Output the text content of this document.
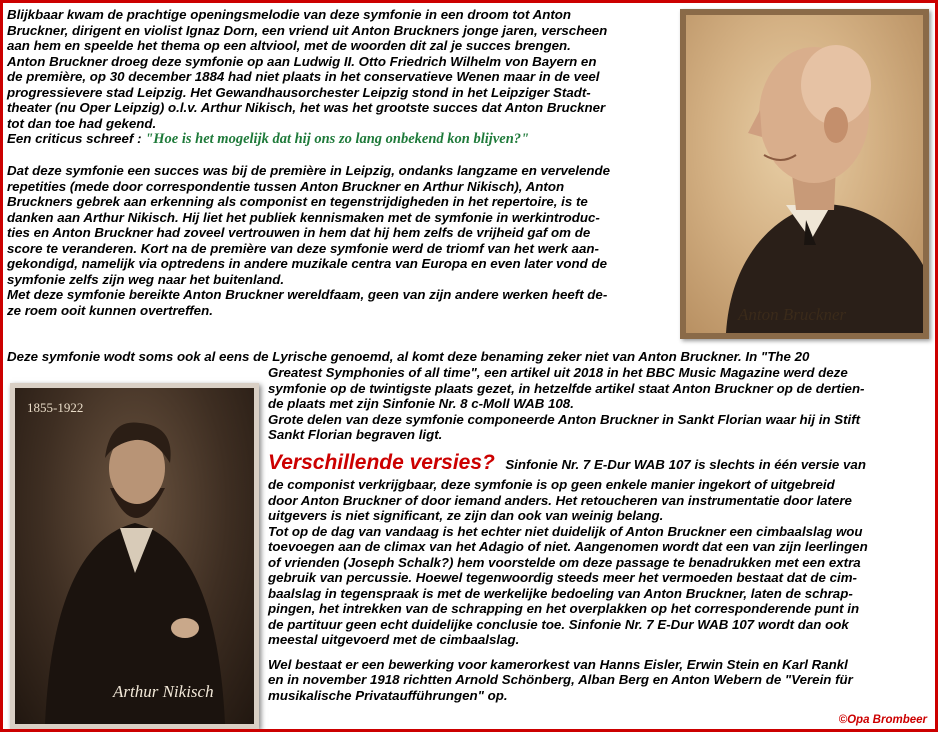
Blijkbaar kwam de prachtige openingsmelodie van deze symfonie in een droom tot Anton
Bruckner, dirigent en violist Ignaz Dorn, een vriend uit Anton Bruckners jonge jaren, verscheen
aan hem en speelde het thema op een altviool, met de woorden dit zal je succes brengen.
Anton Bruckner droeg deze symfonie op aan Ludwig II. Otto Friedrich Wilhelm von Bayern en
de première, op 30 december 1884 had niet plaats in het conservatieve Wenen maar in de veel
progressievere stad Leipzig. Het Gewandhausorchester Leipzig stond in het Leipziger Stadt-
theater (nu Oper Leipzig) o.l.v. Arthur Nikisch, het was het grootste succes dat Anton Bruckner
tot dan toe had gekend.
Een criticus schreef : "Hoe is het mogelijk dat hij ons zo lang onbekend kon blijven?"
Dat deze symfonie een succes was bij de première in Leipzig, ondanks langzame en vervelende
repetities (mede door correspondentie tussen Anton Bruckner en Arthur Nikisch), Anton
Bruckners gebrek aan erkenning als componist en tegenstrijdigheden in het repertoire, is te
danken aan Arthur Nikisch. Hij liet het publiek kennismaken met de symfonie in werkintroduc-
ties en Anton Bruckner had zoveel vertrouwen in hem dat hij hem zelfs de vrijheid gaf om de
score te veranderen. Kort na de première van deze symfonie werd de triomf van het werk aan-
gekondigd, namelijk via optredens in andere muzikale centra van Europa en even later vond de
symfonie zelfs zijn weg naar het buitenland.
Met deze symfonie bereikte Anton Bruckner wereldfaam, geen van zijn andere werken heeft de-
ze roem ooit kunnen overtreffen.
Deze symfonie wodt soms ook al eens de Lyrische genoemd, al komt deze benaming zeker niet van Anton Bruckner. In "The 20
Greatest Symphonies of all time", een artikel uit 2018 in het BBC Music Magazine werd deze
symfonie op de twintigste plaats gezet, in hetzelfde artikel staat Anton Bruckner op de dertien-
de plaats met zijn Sinfonie Nr. 8 c-Moll WAB 108.
Grote delen van deze symfonie componeerde Anton Bruckner in Sankt Florian waar hij in Stift
Sankt Florian begraven ligt.
Verschillende versies? Sinfonie Nr. 7 E-Dur WAB 107 is slechts in één versie van
de componist verkrijgbaar, deze symfonie is op geen enkele manier ingekort of uitgebreid
door Anton Bruckner of door iemand anders. Het retoucheren van instrumentatie door latere
uitgevers is niet significant, ze zijn dan ook van weinig belang.
Tot op de dag van vandaag is het echter niet duidelijk of Anton Bruckner een cimbaalslag wou
toevoegen aan de climax van het Adagio of niet. Aangenomen wordt dat een van zijn leerlingen
of vrienden (Joseph Schalk?) hem voorstelde om deze passage te benadrukken met een extra
gebruik van percussie. Hoewel tegenwoordig steeds meer het vermoeden bestaat dat de cim-
baalslag in tegenspraak is met de werkelijke bedoeling van Anton Bruckner, laten de schrap-
pingen, het intrekken van de schrapping en het overplakken op het corresponderende punt in
de partituur geen echt duidelijke conclusie toe. Sinfonie Nr. 7 E-Dur WAB 107 wordt dan ook
meestal uitgevoerd met de cimbaalslag.
Wel bestaat er een bewerking voor kamerorkest van Hanns Eisler, Erwin Stein en Karl Rankl
en in november 1918 richtten Arnold Schönberg, Alban Berg en Anton Webern de "Verein für
musikalische Privataufführungen" op.
Anton Bruckner
1855-1922
Arthur Nikisch
©Opa Brombeer
